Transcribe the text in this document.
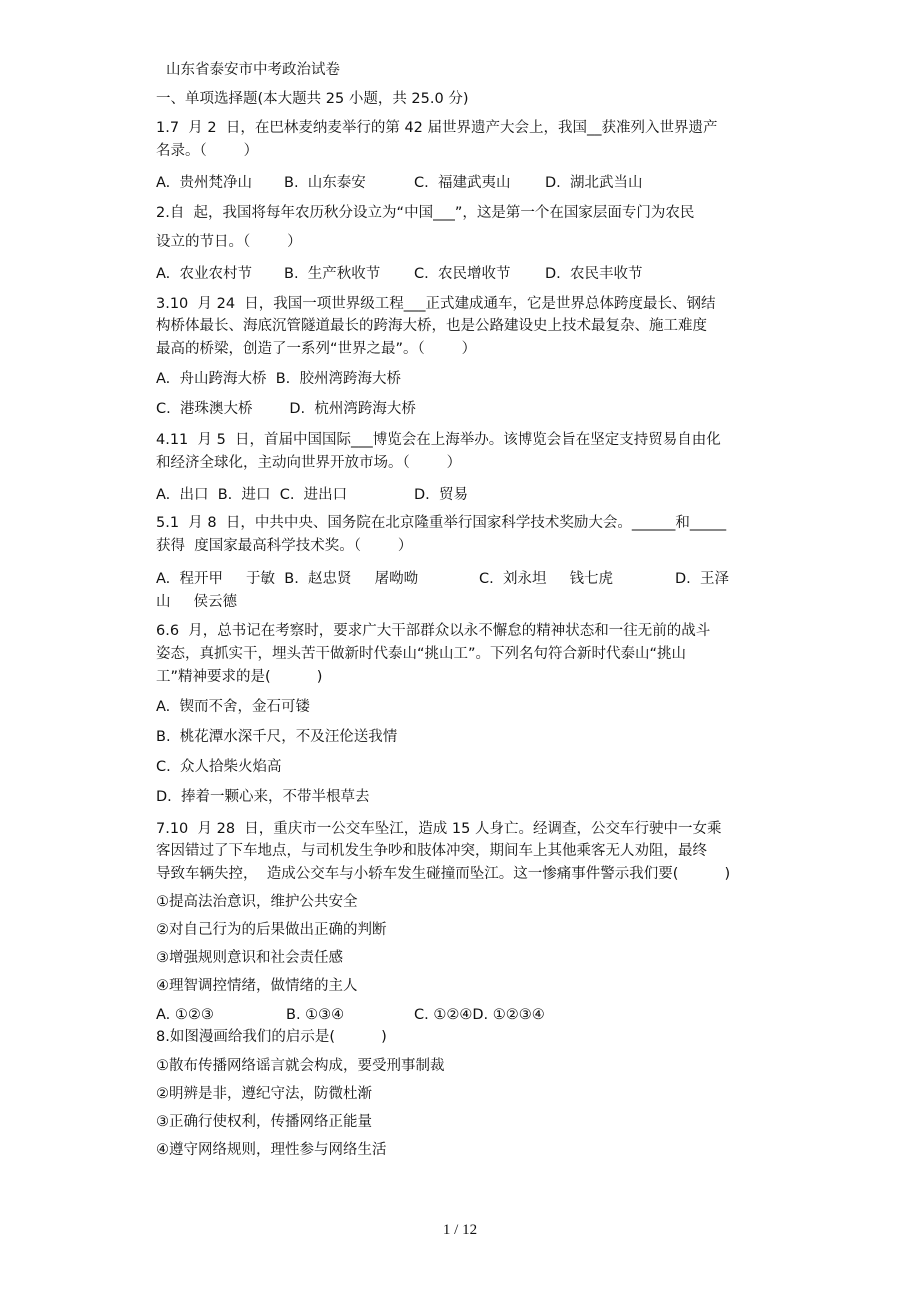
山东省泰安市中考政治试卷
一、单项选择题(本大题共 25 小题，共 25.0 分)
1.7  月 2  日，在巴林麦纳麦举行的第 42 届世界遗产大会上，我国__获准列入世界遗产
名录。（        ）
A.  贵州梵净山 B.  山东泰安	C.  福建武夷山 D.  湖北武当山
2.自  起，我国将每年农历秋分设立为“中国___”，这是第一个在国家层面专门为农民
设立的节日。（        ）
A.  农业农村节 B.  生产秋收节 C.  农民增收节 D.  农民丰收节
3.10  月 24  日，我国一项世界级工程___正式建成通车，它是世界总体跨度最长、钢结
构桥体最长、海底沉管隧道最长的跨海大桥，也是公路建设史上技术最复杂、施工难度
最高的桥梁，创造了一系列“世界之最”。（        ）
A.  舟山跨海大桥  B.  胶州湾跨海大桥
C.  港珠澳大桥        D.  杭州湾跨海大桥
4.11  月 5  日，首届中国国际___博览会在上海举办。该博览会旨在坚定支持贸易自由化
和经济全球化，主动向世界开放市场。（        ）
A.  出口  B.  进口  C.  进出口	D.  贸易
5.1  月 8  日，中共中央、国务院在北京隆重举行国家科学技术奖励大会。______和_____
获得  度国家最高科学技术奖。（        ）
A.  程开甲     于敏  B.  赵忠贤     屠呦呦	C.  刘永坦     钱七虎	D.  王泽
山     侯云德
6.6  月，总书记在考察时，要求广大干部群众以永不懈怠的精神状态和一往无前的战斗
姿态，真抓实干，埋头苦干做新时代泰山“挑山工”。下列名句符合新时代泰山“挑山
工”精神要求的是(          )
A.  锲而不舍，金石可镂
B.  桃花潭水深千尺，不及汪伦送我情
C.  众人拾柴火焰高
D.  捧着一颗心来，不带半根草去
7.10  月 28  日，重庆市一公交车坠江，造成 15 人身亡。经调查，公交车行驶中一女乘
客因错过了下车地点，与司机发生争吵和肢体冲突，期间车上其他乘客无人劝阻，最终
导致车辆失控，  造成公交车与小轿车发生碰撞而坠江。这一惨痛事件警示我们要(          )
①提高法治意识，维护公共安全
②对自己行为的后果做出正确的判断
③增强规则意识和社会责任感
④理智调控情绪，做情绪的主人
A. ①②③	B. ①③④	C. ①②④D. ①②③④
8.如图漫画给我们的启示是(          )
①散布传播网络谣言就会构成，要受刑事制裁
②明辨是非，遵纪守法，防微杜渐
③正确行使权利，传播网络正能量
④遵守网络规则，理性参与网络生活
1 / 12
